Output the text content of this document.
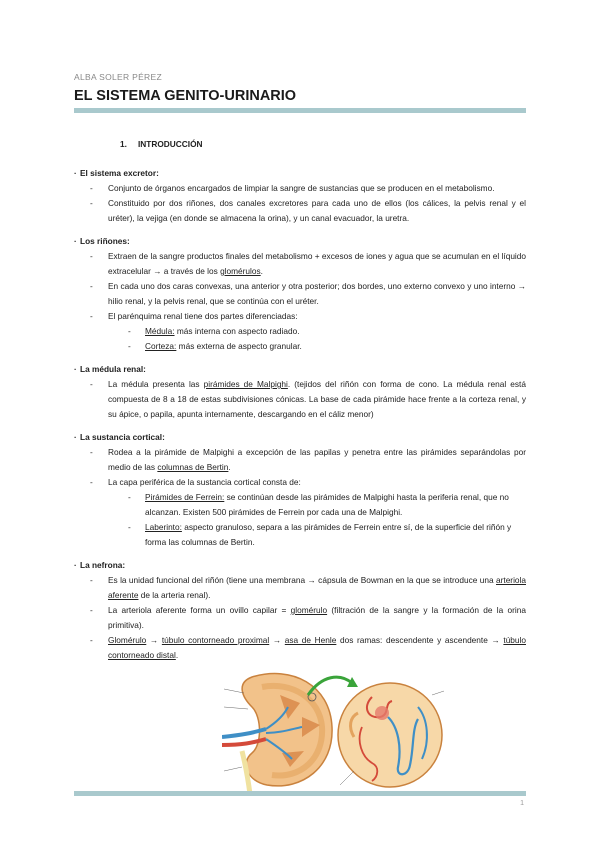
ALBA SOLER PÉREZ
EL SISTEMA GENITO-URINARIO
1. INTRODUCCIÓN
· El sistema excretor:
- Conjunto de órganos encargados de limpiar la sangre de sustancias que se producen en el metabolismo.
- Constituido por dos riñones, dos canales excretores para cada uno de ellos (los cálices, la pelvis renal y el uréter), la vejiga (en donde se almacena la orina), y un canal evacuador, la uretra.
· Los riñones:
- Extraen de la sangre productos finales del metabolismo + excesos de iones y agua que se acumulan en el líquido extracelular → a través de los glomérulos.
- En cada uno dos caras convexas, una anterior y otra posterior; dos bordes, uno externo convexo y uno interno → hilio renal, y la pelvis renal, que se continúa con el uréter.
- El parénquima renal tiene dos partes diferenciadas:
- Médula: más interna con aspecto radiado.
- Corteza: más externa de aspecto granular.
· La médula renal:
- La médula presenta las pirámides de Malpighi. (tejidos del riñón con forma de cono. La médula renal está compuesta de 8 a 18 de estas subdivisiones cónicas. La base de cada pirámide hace frente a la corteza renal, y su ápice, o papila, apunta internamente, descargando en el cáliz menor)
· La sustancia cortical:
- Rodea a la pirámide de Malpighi a excepción de las papilas y penetra entre las pirámides separándolas por medio de las columnas de Bertin.
- La capa periférica de la sustancia cortical consta de:
- Pirámides de Ferrein: se continúan desde las pirámides de Malpighi hasta la periferia renal, que no alcanzan. Existen 500 pirámides de Ferrein por cada una de Malpighi.
- Laberinto: aspecto granuloso, separa a las pirámides de Ferrein entre sí, de la superficie del riñón y forma las columnas de Bertin.
· La nefrona:
- Es la unidad funcional del riñón (tiene una membrana → cápsula de Bowman en la que se introduce una arteriola aferente de la arteria renal).
- La arteriola aferente forma un ovillo capilar = glomérulo (filtración de la sangre y la formación de la orina primitiva).
- Glomérulo → túbulo contorneado proximal → asa de Henle dos ramas: descendente y ascendente → túbulo contorneado distal.
1
